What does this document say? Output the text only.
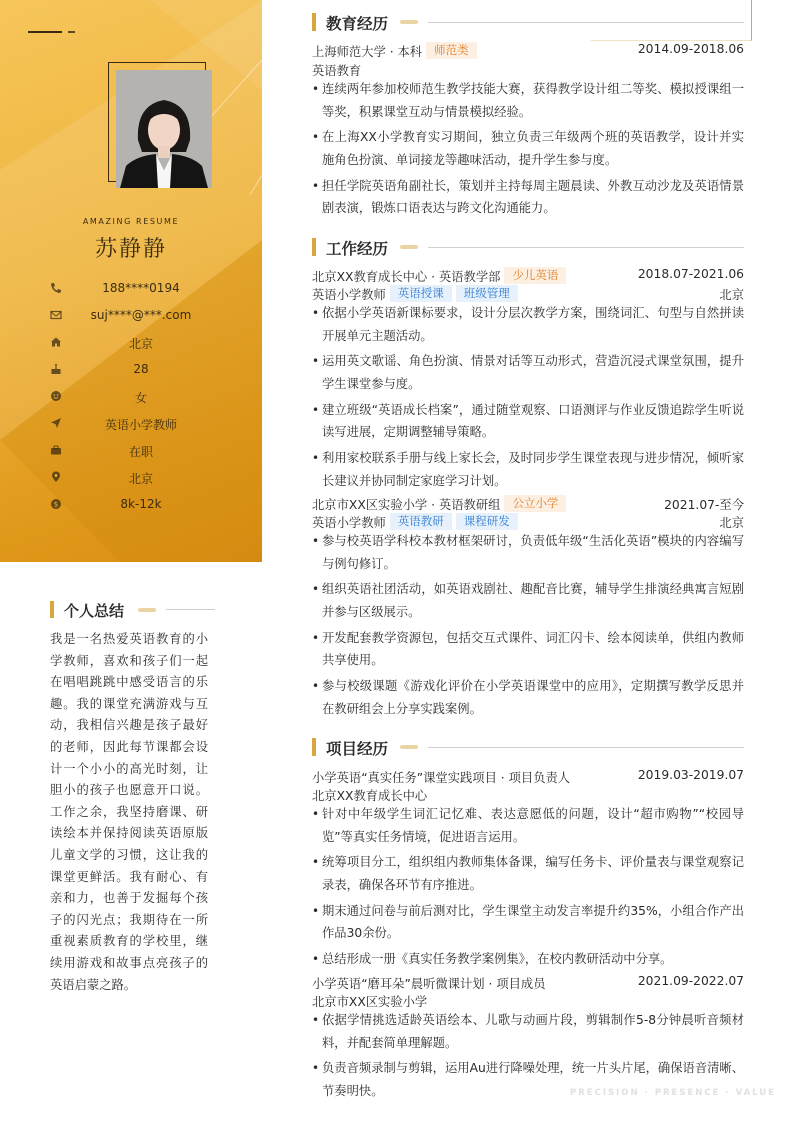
AMAZING RESUME
苏静静
188****0194
suj****@***.com
北京
28
女
英语小学教师
在职
北京
$	8k-12k
个人总结
我是一名热爱英语教育的小学教师，喜欢和孩子们一起在唱唱跳跳中感受语言的乐趣。我的课堂充满游戏与互动，我相信兴趣是孩子最好的老师，因此每节课都会设计一个小小的高光时刻，让胆小的孩子也愿意开口说。工作之余，我坚持磨课、研读绘本并保持阅读英语原版儿童文学的习惯，这让我的课堂更鲜活。我有耐心、有亲和力，也善于发掘每个孩子的闪光点；我期待在一所重视素质教育的学校里，继续用游戏和故事点亮孩子的英语启蒙之路。
教育经历
上海师范大学 · 本科 师范类	2014.09-2018.06
英语教育
• 连续两年参加校师范生教学技能大赛，获得教学设计组二等奖、模拟授课组一等奖，积累课堂互动与情景模拟经验。
• 在上海XX小学教育实习期间，独立负责三年级两个班的英语教学，设计并实施角色扮演、单词接龙等趣味活动，提升学生参与度。
• 担任学院英语角副社长，策划并主持每周主题晨读、外教互动沙龙及英语情景剧表演，锻炼口语表达与跨文化沟通能力。
工作经历
北京XX教育成长中心 · 英语教学部 少儿英语	2018.07-2021.06
英语小学教师 英语授课 班级管理	北京
• 依据小学英语新课标要求，设计分层次教学方案，围绕词汇、句型与自然拼读开展单元主题活动。
• 运用英文歌谣、角色扮演、情景对话等互动形式，营造沉浸式课堂氛围，提升学生课堂参与度。
• 建立班级“英语成长档案”，通过随堂观察、口语测评与作业反馈追踪学生听说读写进展，定期调整辅导策略。
• 利用家校联系手册与线上家长会，及时同步学生课堂表现与进步情况，倾听家长建议并协同制定家庭学习计划。
北京市XX区实验小学 · 英语教研组 公立小学	2021.07-至今
英语小学教师 英语教研 课程研发	北京
• 参与校英语学科校本教材框架研讨，负责低年级“生活化英语”模块的内容编写与例句修订。
• 组织英语社团活动，如英语戏剧社、趣配音比赛，辅导学生排演经典寓言短剧并参与区级展示。
• 开发配套教学资源包，包括交互式课件、词汇闪卡、绘本阅读单，供组内教师共享使用。
• 参与校级课题《游戏化评价在小学英语课堂中的应用》，定期撰写教学反思并在教研组会上分享实践案例。
项目经历
小学英语“真实任务”课堂实践项目 · 项目负责人	2019.03-2019.07
北京XX教育成长中心
• 针对中年级学生词汇记忆难、表达意愿低的问题，设计“超市购物”“校园导览”等真实任务情境，促进语言运用。
• 统筹项目分工，组织组内教师集体备课，编写任务卡、评价量表与课堂观察记录表，确保各环节有序推进。
• 期末通过问卷与前后测对比，学生课堂主动发言率提升约35%，小组合作产出作品30余份。
• 总结形成一册《真实任务教学案例集》，在校内教研活动中分享。
小学英语“磨耳朵”晨听微课计划 · 项目成员	2021.09-2022.07
北京市XX区实验小学
• 依据学情挑选适龄英语绘本、儿歌与动画片段，剪辑制作5-8分钟晨听音频材料，并配套简单理解题。
• 负责音频录制与剪辑，运用Au进行降噪处理，统一片头片尾，确保语音清晰、节奏明快。	PRECISION · PRESENCE · VALUE
